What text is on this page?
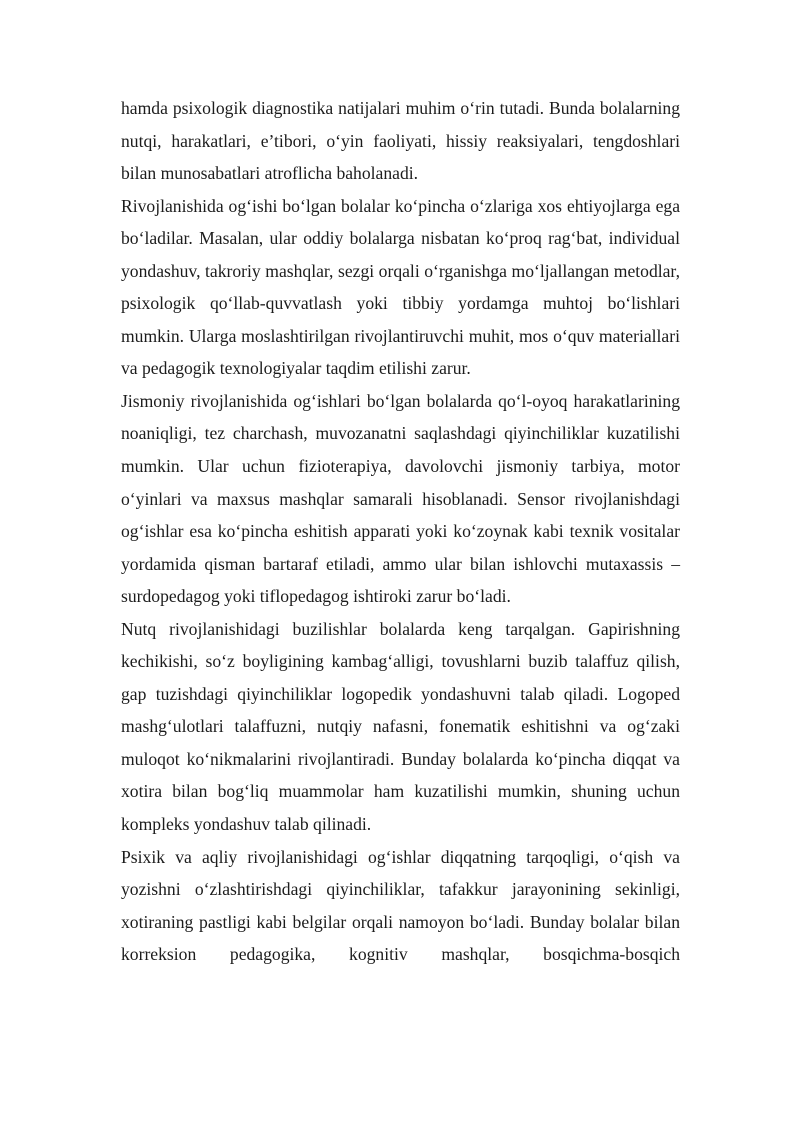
hamda psixologik diagnostika natijalari muhim o‘rin tutadi. Bunda bolalarning nutqi, harakatlari, e’tibori, o‘yin faoliyati, hissiy reaksiyalari, tengdoshlari bilan munosabatlari atroflicha baholanadi.

Rivojlanishida og‘ishi bo‘lgan bolalar ko‘pincha o‘zlariga xos ehtiyojlarga ega bo‘ladilar. Masalan, ular oddiy bolalarga nisbatan ko‘proq rag‘bat, individual yondashuv, takroriy mashqlar, sezgi orqali o‘rganishga mo‘ljallangan metodlar, psixologik qo‘llab-quvvatlash yoki tibbiy yordamga muhtoj bo‘lishlari mumkin. Ularga moslashtirilgan rivojlantiruvchi muhit, mos o‘quv materiallari va pedagogik texnologiyalar taqdim etilishi zarur.

Jismoniy rivojlanishida og‘ishlari bo‘lgan bolalarda qo‘l-oyoq harakatlarining noaniqligi, tez charchash, muvozanatni saqlashdagi qiyinchiliklar kuzatilishi mumkin. Ular uchun fizioterapiya, davolovchi jismoniy tarbiya, motor o‘yinlari va maxsus mashqlar samarali hisoblanadi. Sensor rivojlanishdagi og‘ishlar esa ko‘pincha eshitish apparati yoki ko‘zoynak kabi texnik vositalar yordamida qisman bartaraf etiladi, ammo ular bilan ishlovchi mutaxassis – surdopedagog yoki tiflopedagog ishtiroki zarur bo‘ladi.

Nutq rivojlanishidagi buzilishlar bolalarda keng tarqalgan. Gapirishning kechikishi, so‘z boyligining kambag‘alligi, tovushlarni buzib talaffuz qilish, gap tuzishdagi qiyinchiliklar logopedik yondashuvni talab qiladi. Logoped mashg‘ulotlari talaffuzni, nutqiy nafasni, fonematik eshitishni va og‘zaki muloqot ko‘nikmalarini rivojlantiradi. Bunday bolalarda ko‘pincha diqqat va xotira bilan bog‘liq muammolar ham kuzatilishi mumkin, shuning uchun kompleks yondashuv talab qilinadi.

Psixik va aqliy rivojlanishidagi og‘ishlar diqqatning tarqoqligi, o‘qish va yozishni o‘zlashtirishdagi qiyinchiliklar, tafakkur jarayonining sekinligi, xotiraning pastligi kabi belgilar orqali namoyon bo‘ladi. Bunday bolalar bilan korreksion pedagogika, kognitiv mashqlar, bosqichma-bosqich
